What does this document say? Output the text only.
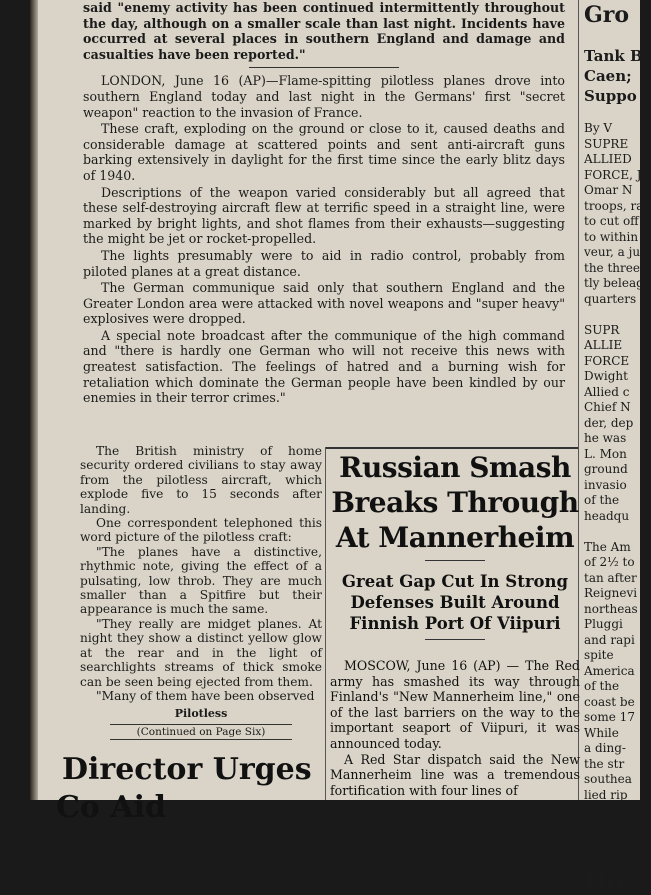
said "enemy activity has been continued intermittently throughout the day, although on a smaller scale than last night. Incidents have occurred at several places in southern England and damage and casualties have been reported."

LONDON, June 16 (AP)—Flame-spitting pilotless planes drove into southern England today and last night in the Germans' first "secret weapon" reaction to the invasion of France.

These craft, exploding on the ground or close to it, caused deaths and considerable damage at scattered points and sent anti-aircraft guns barking extensively in daylight for the first time since the early blitz days of 1940.

Descriptions of the weapon varied considerably but all agreed that these self-destroying aircraft flew at terrific speed in a straight line, were marked by bright lights, and shot flames from their exhausts—suggesting the might be jet or rocket-propelled.

The lights presumably were to aid in radio control, probably from piloted planes at a great distance.

The German communique said only that southern England and the Greater London area were attacked with novel weapons and "super heavy" explosives were dropped.

A special note broadcast after the communique of the high command and "there is hardly one German who will not receive this news with greatest satisfaction. The feelings of hatred and a burning wish for retaliation which dominate the German people have been kindled by our enemies in their terror crimes."

The British ministry of home security ordered civilians to stay away from the pilotless aircraft, which explode five to 15 seconds after landing.

One correspondent telephoned this word picture of the pilotless craft:

"The planes have a distinctive, rhythmic note, giving the effect of a pulsating, low throb. They are much smaller than a Spitfire but their appearance is much the same.

"They really are midget planes. At night they show a distinct yellow glow at the rear and in the light of searchlights streams of thick smoke can be seen being ejected from them.

"Many of them have been observed

Pilotless

(Continued on Page Six)

Russian Smash
Breaks Through
At Mannerheim
Great Gap Cut In Strong
Defenses Built Around
Finnish Port Of Viipuri

MOSCOW, June 16 (AP) — The Red army has smashed its way through Finland's "New Mannerheim line," one of the last barriers on the way to the important seaport of Viipuri, it was announced today.

A Red Star dispatch said the New Mannerheim line was a tremendous fortification with four lines of

Director Urges
Co Aid
Gro

Tank B
Caen;
Suppo

By V
SUPRE
ALLIED
FORCE, J
Omar N
troops, ran
to cut off
to within
veur, a ju
the three
tly beleag
quarters

SUPR
ALLIE
FORCE
Dwight
Allied c
Chief N
der, dep
he was
L. Mon
ground
invasio
of the
headqu

The Am
of 2½ to
tan after
Reignevi
northeas
Pluggi
and rapi
spite
America
of the
coast be
some 17
While
a ding-
the str
southea
lied rip
engaged
German
south o

Bo
